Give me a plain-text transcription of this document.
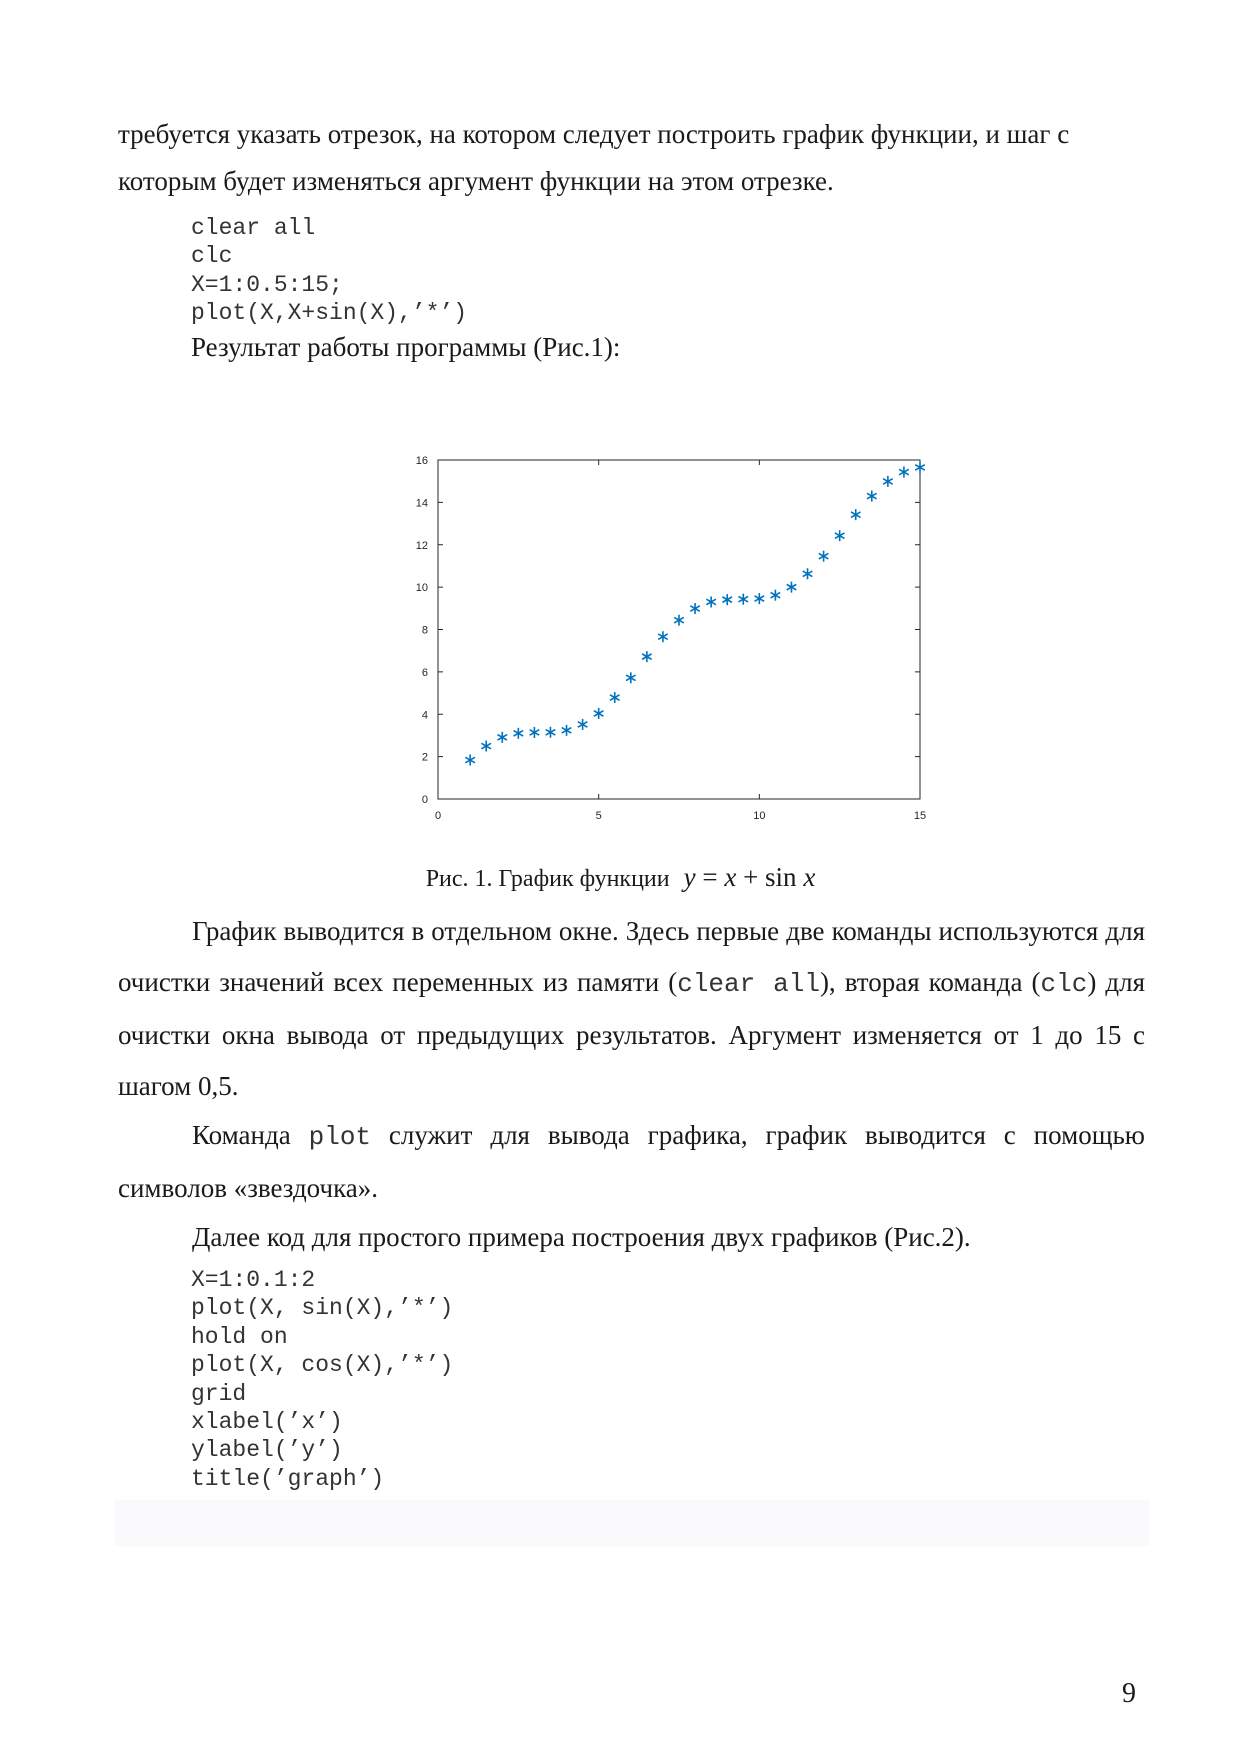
требуется указать отрезок, на котором следует построить график функции, и шаг с

которым будет изменяться аргумент функции на этом отрезке.

clear all
clc
X=1:0.5:15;
plot(X,X+sin(X),’*’)

Результат работы программы (Рис.1):

0	5	10	15
0
2
4
6
8
10
12
14
16
Рис. 1. График функции y = x + sin x

График выводится в отдельном окне. Здесь первые две команды используются для очистки значений всех переменных из памяти (clear all), вторая команда (clc) для очистки окна вывода от предыдущих результатов. Аргумент изменяется от 1 до 15 с шагом 0,5.

Команда plot служит для вывода графика, график выводится с помощью символов «звездочка».

Далее код для простого примера построения двух графиков (Рис.2).

X=1:0.1:2
plot(X, sin(X),’*’)
hold on
plot(X, cos(X),’*’)
grid
xlabel(’x’)
ylabel(’y’)
title(’graph’)
9
